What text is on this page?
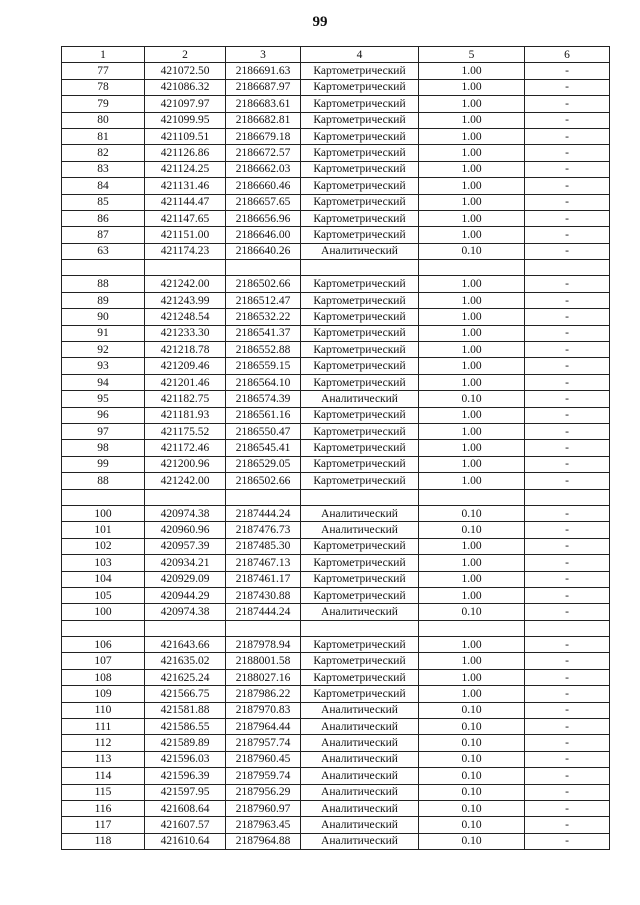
99
1	2	3	4	5	6
77	421072.50	2186691.63	Картометрический	1.00	-
78	421086.32	2186687.97	Картометрический	1.00	-
79	421097.97	2186683.61	Картометрический	1.00	-
80	421099.95	2186682.81	Картометрический	1.00	-
81	421109.51	2186679.18	Картометрический	1.00	-
82	421126.86	2186672.57	Картометрический	1.00	-
83	421124.25	2186662.03	Картометрический	1.00	-
84	421131.46	2186660.46	Картометрический	1.00	-
85	421144.47	2186657.65	Картометрический	1.00	-
86	421147.65	2186656.96	Картометрический	1.00	-
87	421151.00	2186646.00	Картометрический	1.00	-
63	421174.23	2186640.26	Аналитический	0.10	-

88	421242.00	2186502.66	Картометрический	1.00	-
89	421243.99	2186512.47	Картометрический	1.00	-
90	421248.54	2186532.22	Картометрический	1.00	-
91	421233.30	2186541.37	Картометрический	1.00	-
92	421218.78	2186552.88	Картометрический	1.00	-
93	421209.46	2186559.15	Картометрический	1.00	-
94	421201.46	2186564.10	Картометрический	1.00	-
95	421182.75	2186574.39	Аналитический	0.10	-
96	421181.93	2186561.16	Картометрический	1.00	-
97	421175.52	2186550.47	Картометрический	1.00	-
98	421172.46	2186545.41	Картометрический	1.00	-
99	421200.96	2186529.05	Картометрический	1.00	-
88	421242.00	2186502.66	Картометрический	1.00	-

100	420974.38	2187444.24	Аналитический	0.10	-
101	420960.96	2187476.73	Аналитический	0.10	-
102	420957.39	2187485.30	Картометрический	1.00	-
103	420934.21	2187467.13	Картометрический	1.00	-
104	420929.09	2187461.17	Картометрический	1.00	-
105	420944.29	2187430.88	Картометрический	1.00	-
100	420974.38	2187444.24	Аналитический	0.10	-

106	421643.66	2187978.94	Картометрический	1.00	-
107	421635.02	2188001.58	Картометрический	1.00	-
108	421625.24	2188027.16	Картометрический	1.00	-
109	421566.75	2187986.22	Картометрический	1.00	-
110	421581.88	2187970.83	Аналитический	0.10	-
111	421586.55	2187964.44	Аналитический	0.10	-
112	421589.89	2187957.74	Аналитический	0.10	-
113	421596.03	2187960.45	Аналитический	0.10	-
114	421596.39	2187959.74	Аналитический	0.10	-
115	421597.95	2187956.29	Аналитический	0.10	-
116	421608.64	2187960.97	Аналитический	0.10	-
117	421607.57	2187963.45	Аналитический	0.10	-
118	421610.64	2187964.88	Аналитический	0.10	-
